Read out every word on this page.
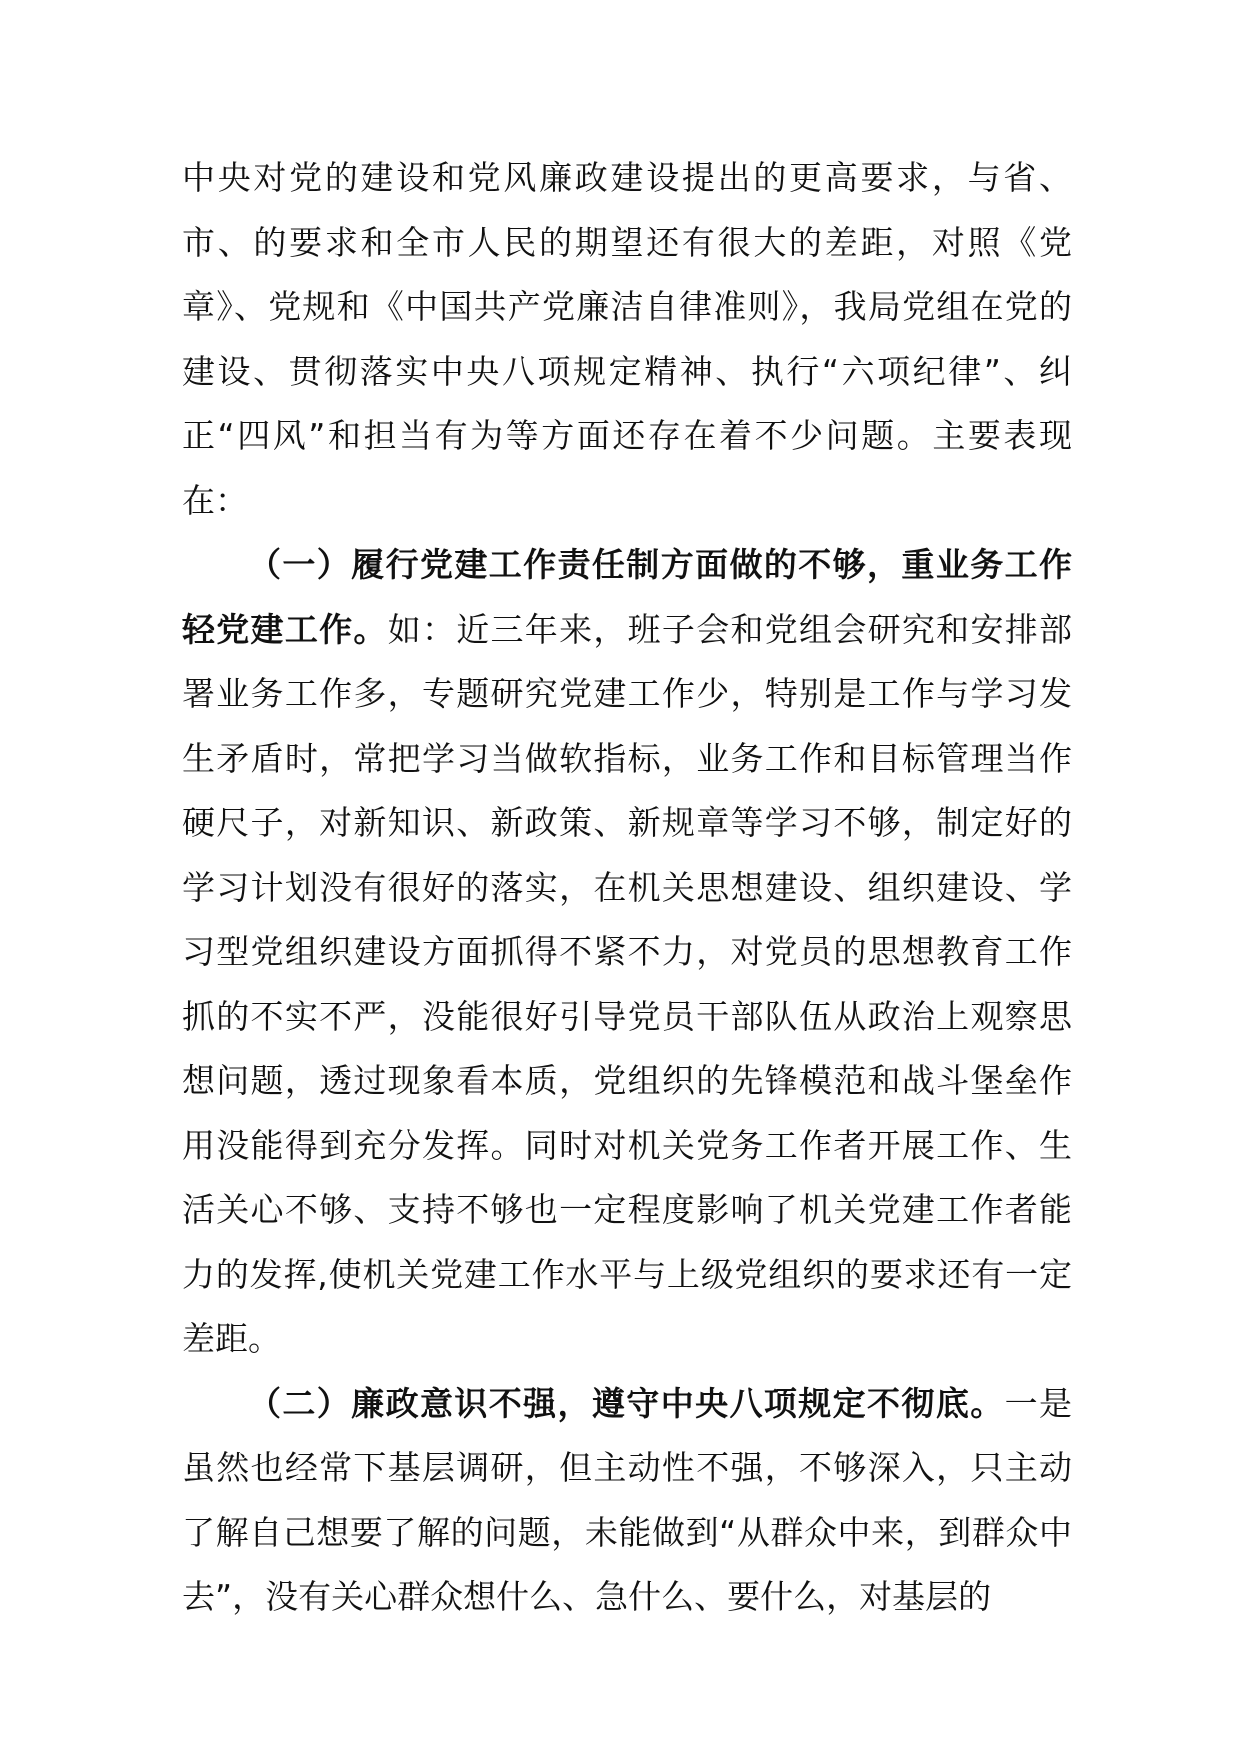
中央对党的建设和党风廉政建设提出的更高要求，与省、市、的要求和全市人民的期望还有很大的差距，对照《党章》、党规和《中国共产党廉洁自律准则》，我局党组在党的建设、贯彻落实中央八项规定精神、执行“六项纪律”、纠正“四风”和担当有为等方面还存在着不少问题。主要表现在：

（一）履行党建工作责任制方面做的不够，重业务工作轻党建工作。如：近三年来，班子会和党组会研究和安排部署业务工作多，专题研究党建工作少，特别是工作与学习发生矛盾时，常把学习当做软指标，业务工作和目标管理当作硬尺子，对新知识、新政策、新规章等学习不够，制定好的学习计划没有很好的落实，在机关思想建设、组织建设、学习型党组织建设方面抓得不紧不力，对党员的思想教育工作抓的不实不严，没能很好引导党员干部队伍从政治上观察思想问题，透过现象看本质，党组织的先锋模范和战斗堡垒作用没能得到充分发挥。同时对机关党务工作者开展工作、生活关心不够、支持不够也一定程度影响了机关党建工作者能力的发挥,使机关党建工作水平与上级党组织的要求还有一定差距。

（二）廉政意识不强，遵守中央八项规定不彻底。一是虽然也经常下基层调研，但主动性不强，不够深入，只主动了解自己想要了解的问题，未能做到“从群众中来，到群众中去”，没有关心群众想什么、急什么、要什么，对基层的
